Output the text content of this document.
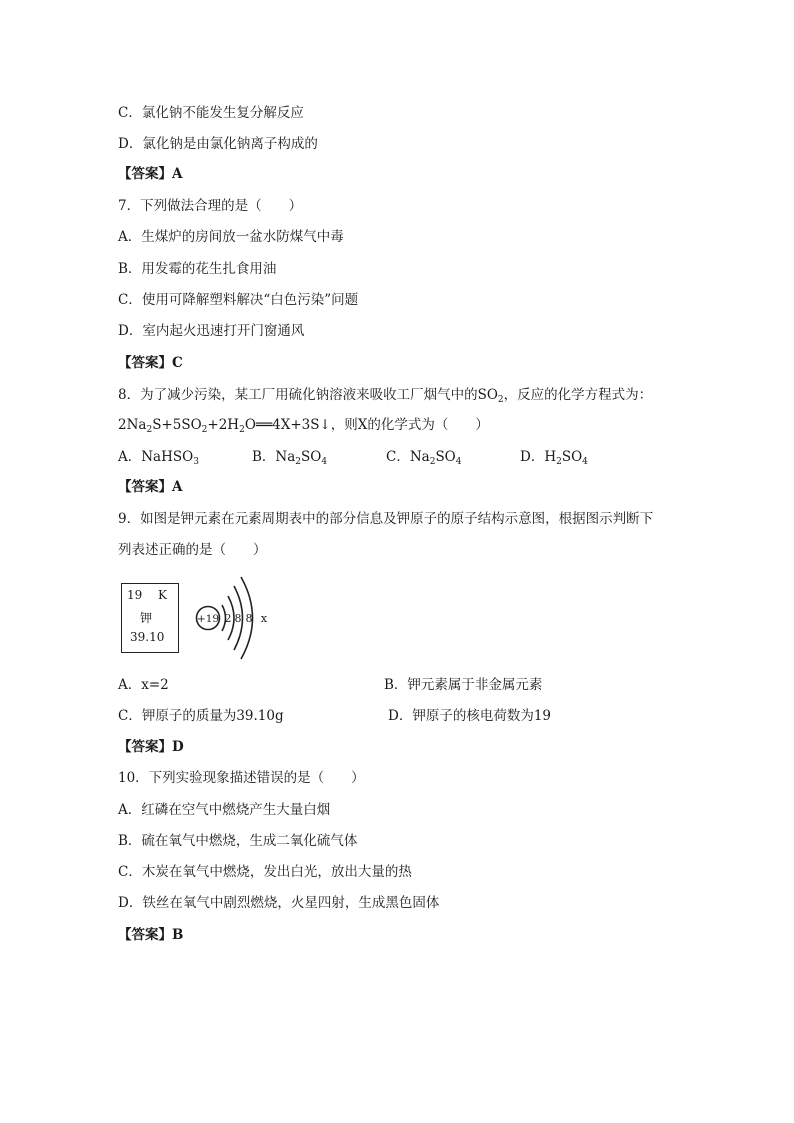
C．氯化钠不能发生复分解反应
D．氯化钠是由氯化钠离子构成的
【答案】A
7．下列做法合理的是（　　）
A．生煤炉的房间放一盆水防煤气中毒
B．用发霉的花生扎食用油
C．使用可降解塑料解决“白色污染”问题
D．室内起火迅速打开门窗通风
【答案】C
8．为了减少污染，某工厂用硫化钠溶液来吸收工厂烟气中的$SO_2$，反应的化学方程式为：
$2Na_2S+5SO_2+2H_2O══4X+3S↓$，则X的化学式为（　　）
A．NaHSO$_3$	B．$Na_2SO_4$	C．$Na_2SO_4$	D．$H_2SO_4$
【答案】A
9．如图是钾元素在元素周期表中的部分信息及钾原子的原子结构示意图，根据图示判断下
列表述正确的是（　　）
19 K
钾
39.10
+19 2 8 8 x
A．x=2	B．钾元素属于非金属元素
C．钾原子的质量为39.10g	D．钾原子的核电荷数为19
【答案】D
10．下列实验现象描述错误的是（　　）
A．红磷在空气中燃烧产生大量白烟
B．硫在氧气中燃烧，生成二氧化硫气体
C．木炭在氧气中燃烧，发出白光，放出大量的热
D．铁丝在氧气中剧烈燃烧，火星四射，生成黑色固体
【答案】B
